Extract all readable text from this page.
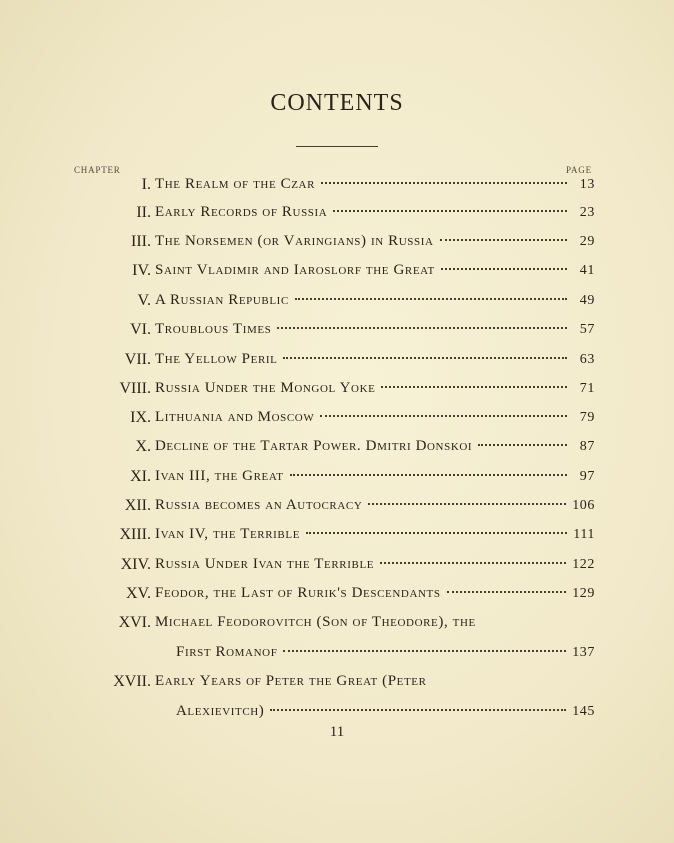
CONTENTS
CHAPTER	PAGE
I. The Realm of the Czar	13
II. Early Records of Russia	23
III. The Norsemen (or Varingians) in Russia	29
IV. Saint Vladimir and Iaroslorf the Great	41
V. A Russian Republic	49
VI. Troublous Times	57
VII. The Yellow Peril	63
VIII. Russia Under the Mongol Yoke	71
IX. Lithuania and Moscow	79
X. Decline of the Tartar Power. Dmitri Donskoi	87
XI. Ivan III, the Great	97
XII. Russia becomes an Autocracy	106
XIII. Ivan IV, the Terrible	111
XIV. Russia Under Ivan the Terrible	122
XV. Feodor, the Last of Rurik's Descendants	129
XVI. Michael Feodorovitch (Son of Theodore), the
First Romanof	137
XVII. Early Years of Peter the Great (Peter
Alexievitch)	145
11
